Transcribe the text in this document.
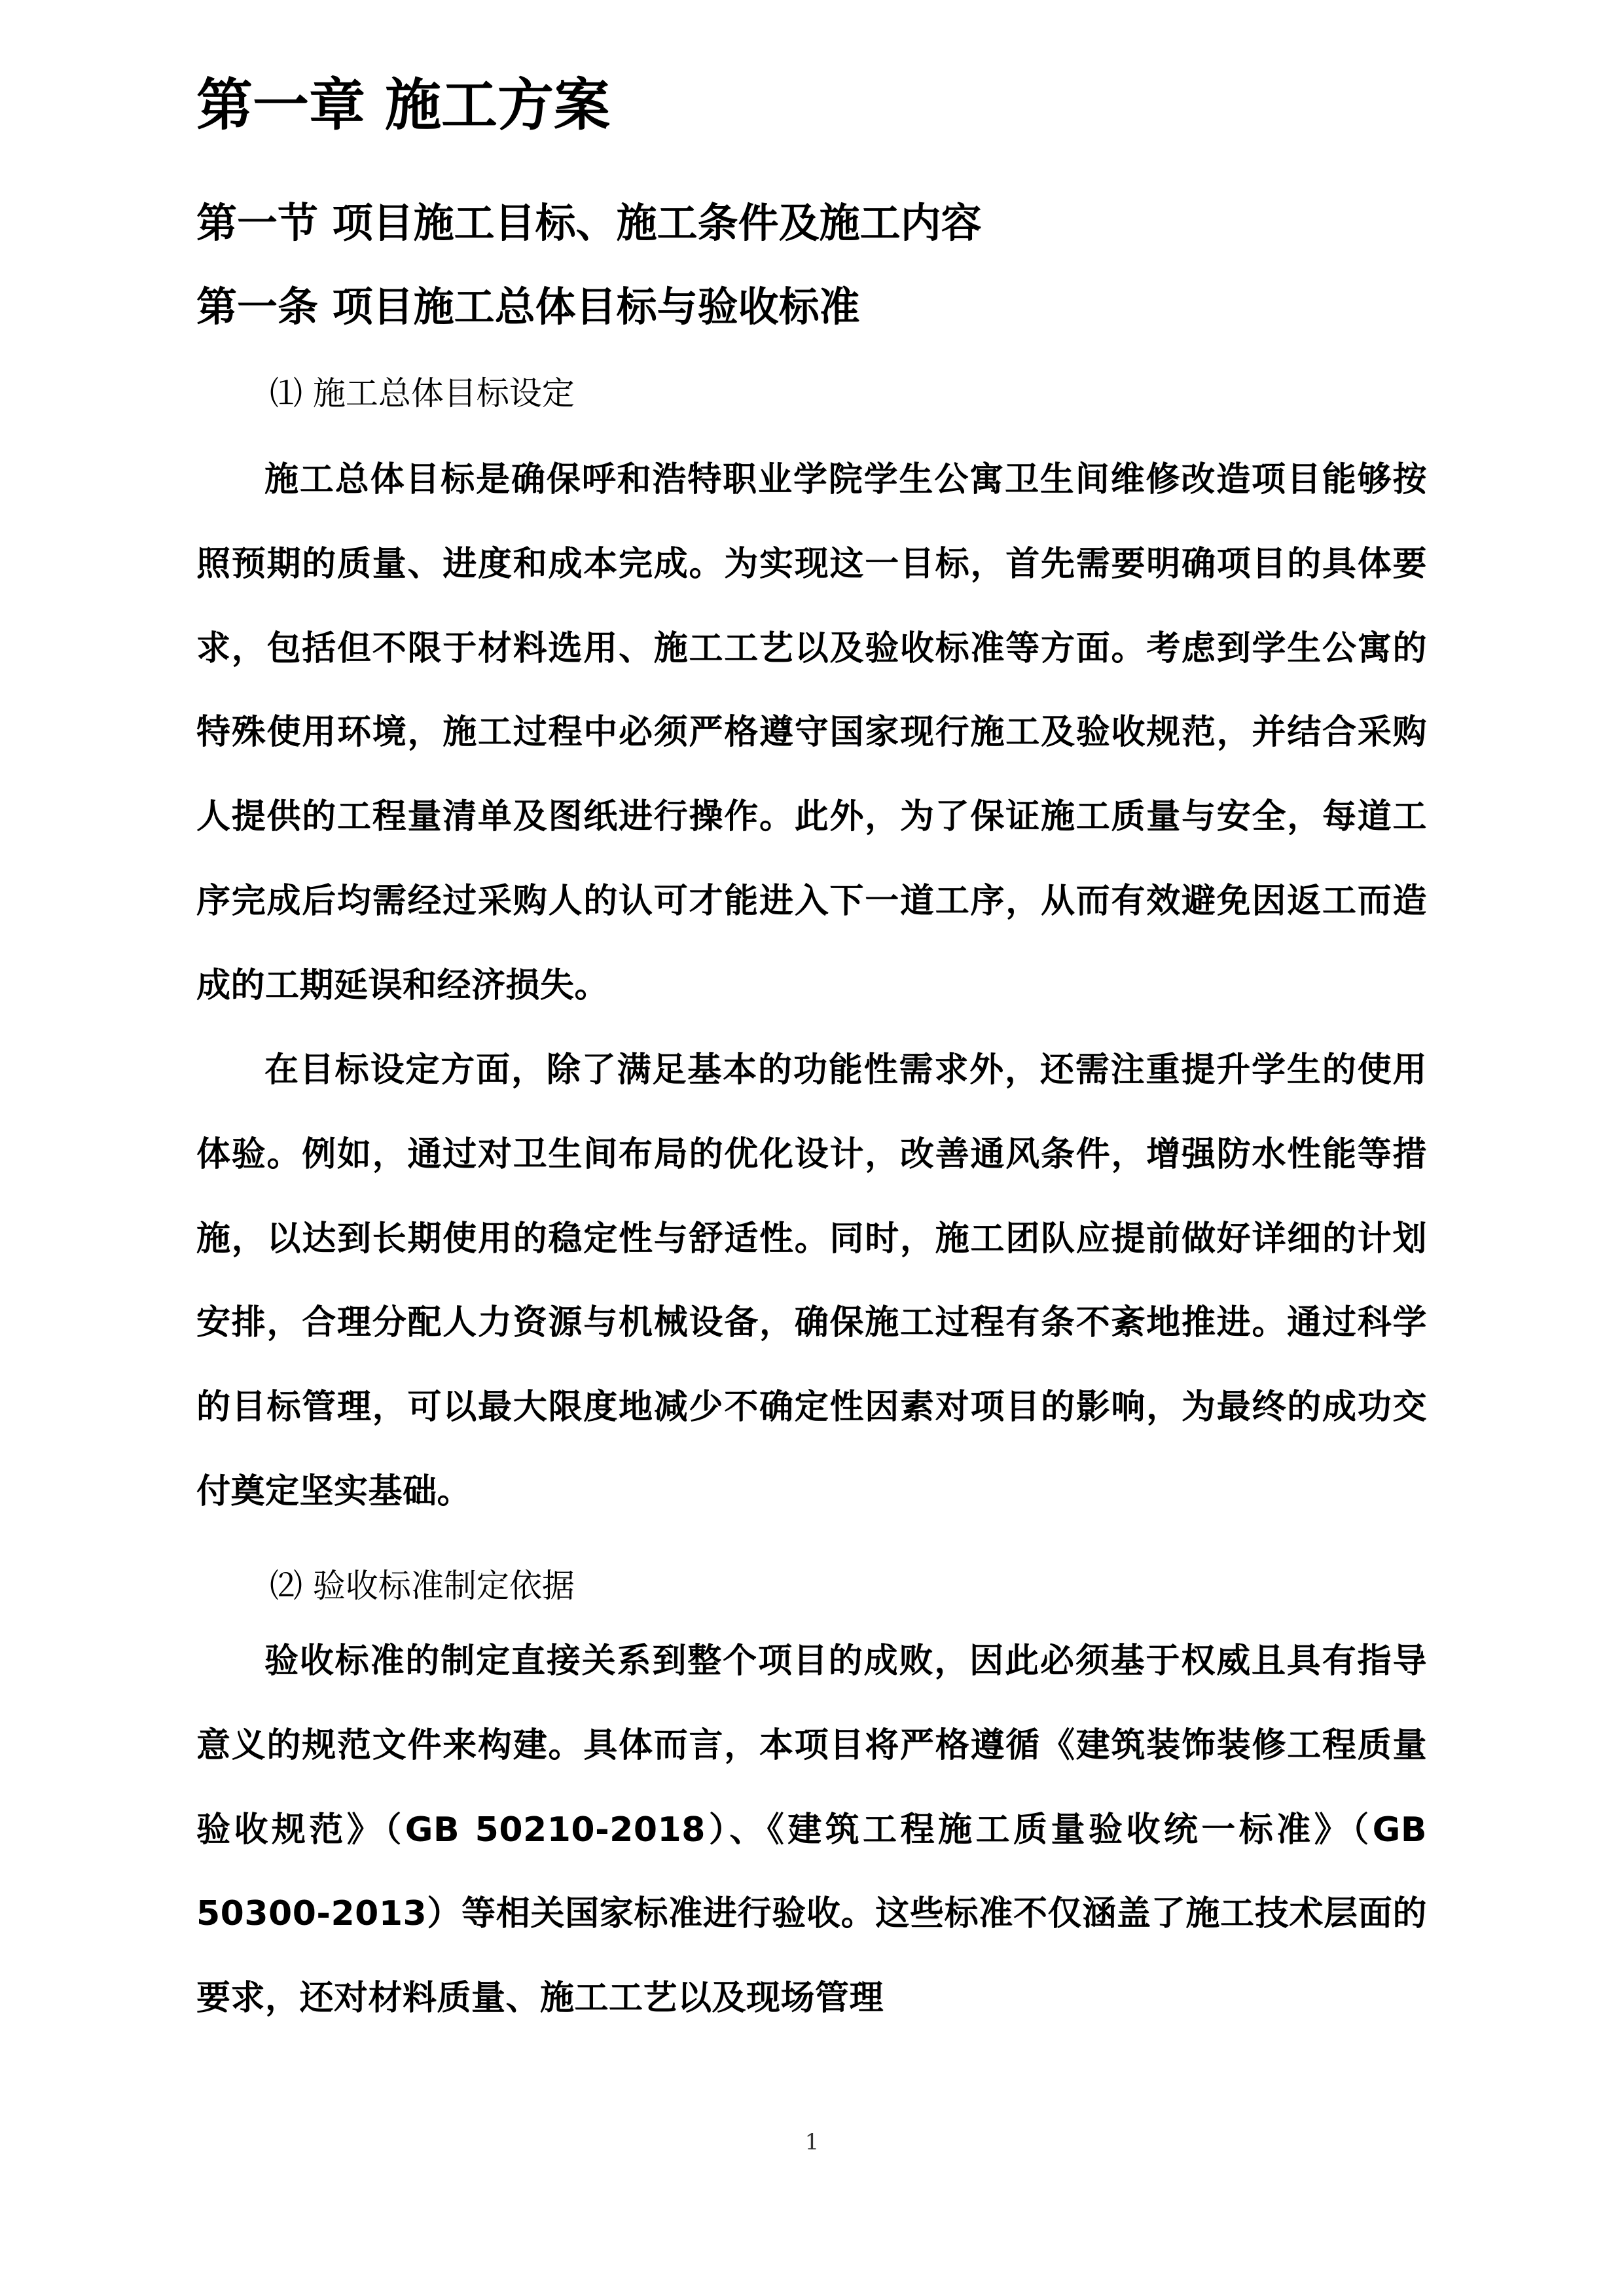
第一章 施工方案
第一节 项目施工目标、施工条件及施工内容
第一条 项目施工总体目标与验收标准
⑴ 施工总体目标设定

施工总体目标是确保呼和浩特职业学院学生公寓卫生间维修改造项目能够按照预期的质量、进度和成本完成。为实现这一目标，首先需要明确项目的具体要求，包括但不限于材料选用、施工工艺以及验收标准等方面。考虑到学生公寓的特殊使用环境，施工过程中必须严格遵守国家现行施工及验收规范，并结合采购人提供的工程量清单及图纸进行操作。此外，为了保证施工质量与安全，每道工序完成后均需经过采购人的认可才能进入下一道工序，从而有效避免因返工而造成的工期延误和经济损失。

在目标设定方面，除了满足基本的功能性需求外，还需注重提升学生的使用体验。例如，通过对卫生间布局的优化设计，改善通风条件，增强防水性能等措施，以达到长期使用的稳定性与舒适性。同时，施工团队应提前做好详细的计划安排，合理分配人力资源与机械设备，确保施工过程有条不紊地推进。通过科学的目标管理，可以最大限度地减少不确定性因素对项目的影响，为最终的成功交付奠定坚实基础。

⑵ 验收标准制定依据

验收标准的制定直接关系到整个项目的成败，因此必须基于权威且具有指导意义的规范文件来构建。具体而言，本项目将严格遵循《建筑装饰装修工程质量验收规范》（GB 50210-2018）、《建筑工程施工质量验收统一标准》（GB 50300-2013）等相关国家标准进行验收。这些标准不仅涵盖了施工技术层面的要求，还对材料质量、施工工艺以及现场管理

1
